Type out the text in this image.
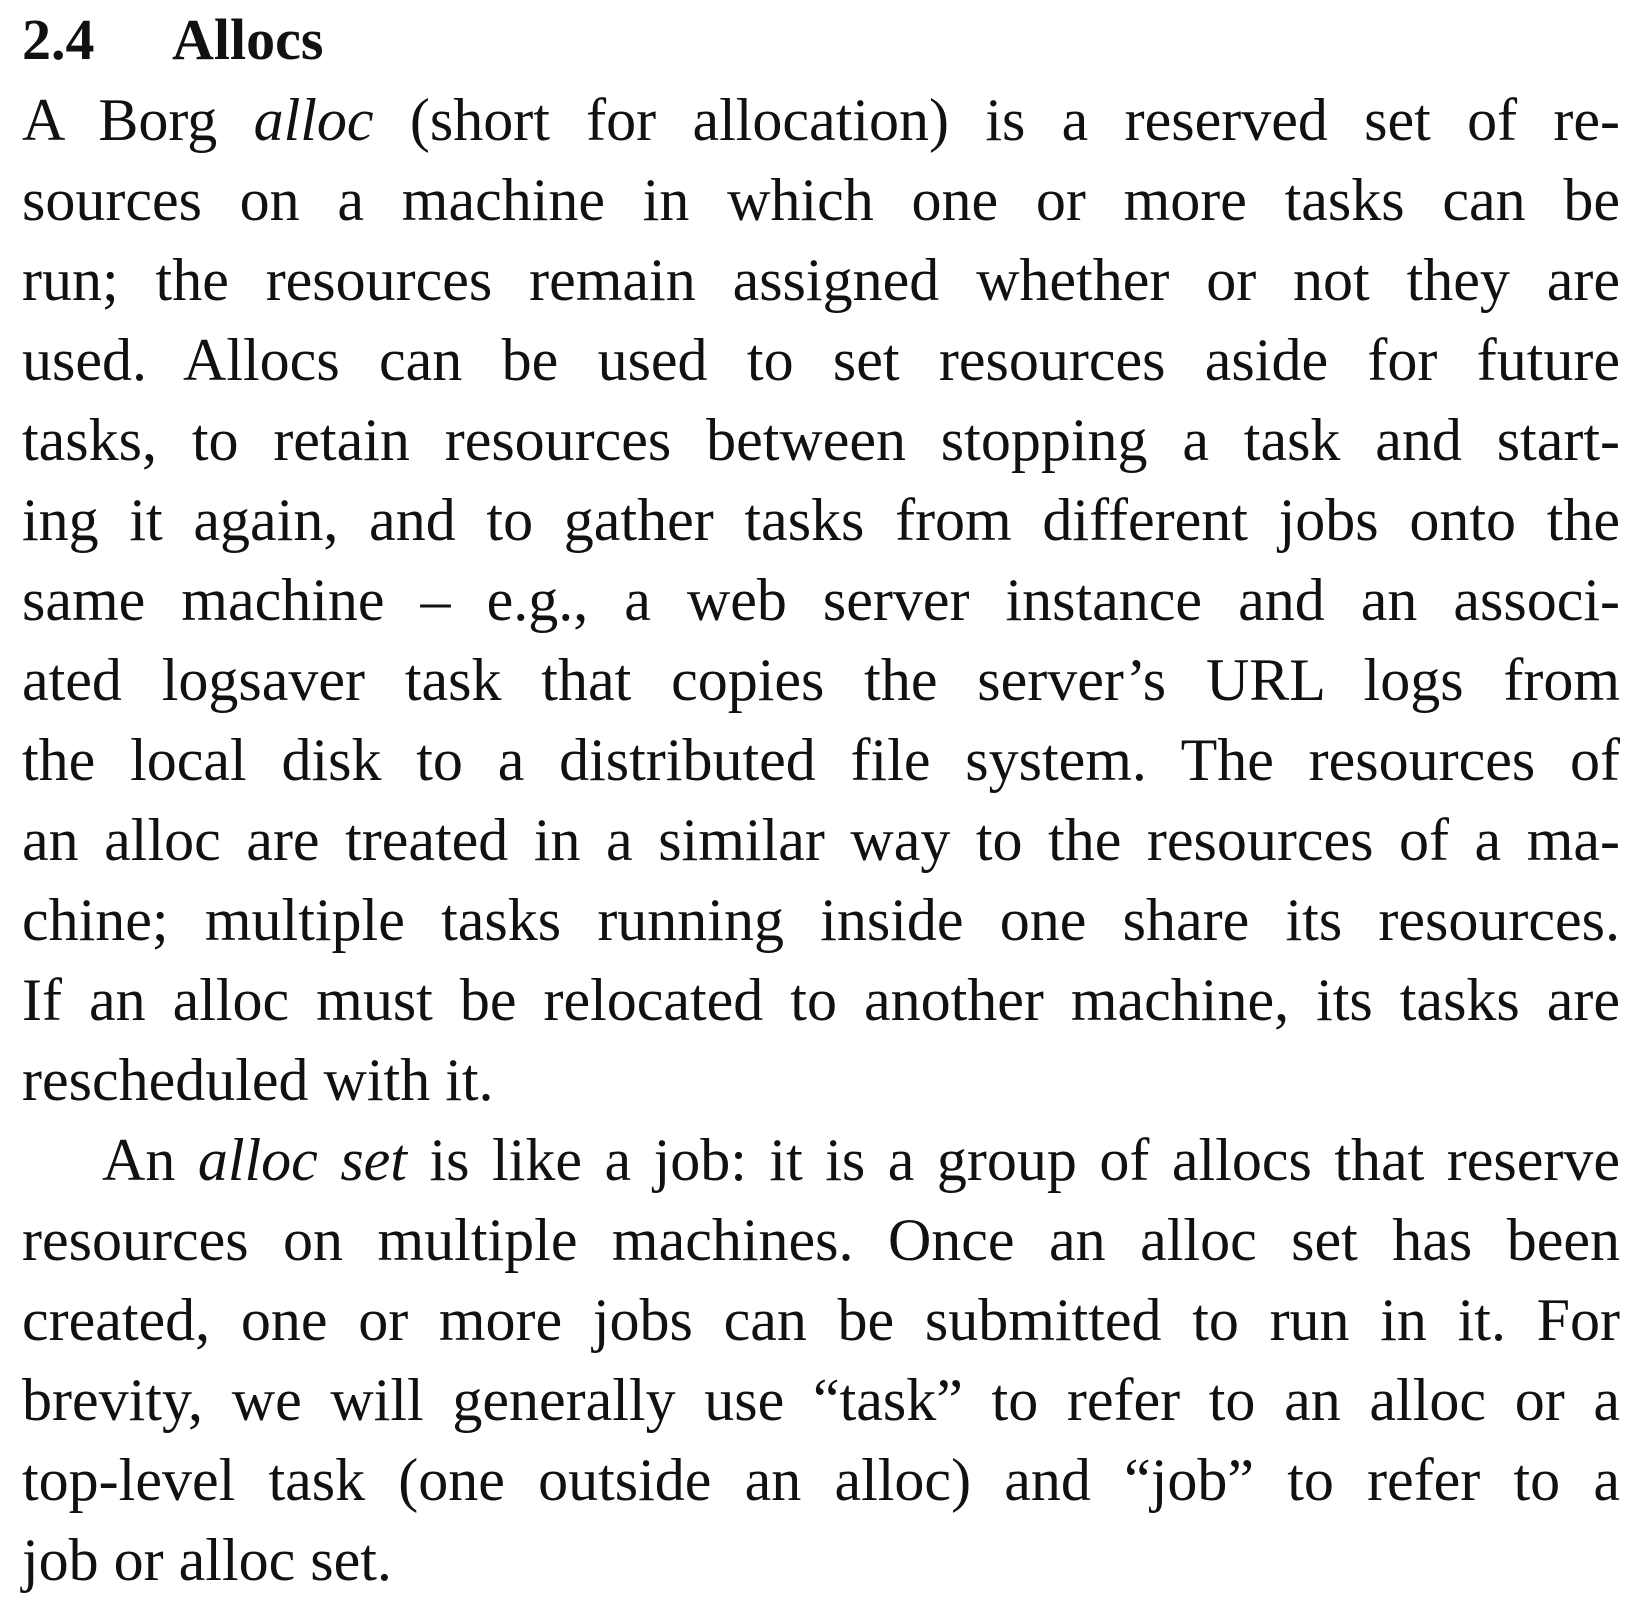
2.4 Allocs

A Borg alloc (short for allocation) is a reserved set of re-
sources on a machine in which one or more tasks can be
run; the resources remain assigned whether or not they are
used. Allocs can be used to set resources aside for future
tasks, to retain resources between stopping a task and start-
ing it again, and to gather tasks from different jobs onto the
same machine – e.g., a web server instance and an associ-
ated logsaver task that copies the server’s URL logs from
the local disk to a distributed file system. The resources of
an alloc are treated in a similar way to the resources of a ma-
chine; multiple tasks running inside one share its resources.
If an alloc must be relocated to another machine, its tasks are
rescheduled with it.

An alloc set is like a job: it is a group of allocs that reserve
resources on multiple machines. Once an alloc set has been
created, one or more jobs can be submitted to run in it. For
brevity, we will generally use “task” to refer to an alloc or a
top-level task (one outside an alloc) and “job” to refer to a
job or alloc set.
